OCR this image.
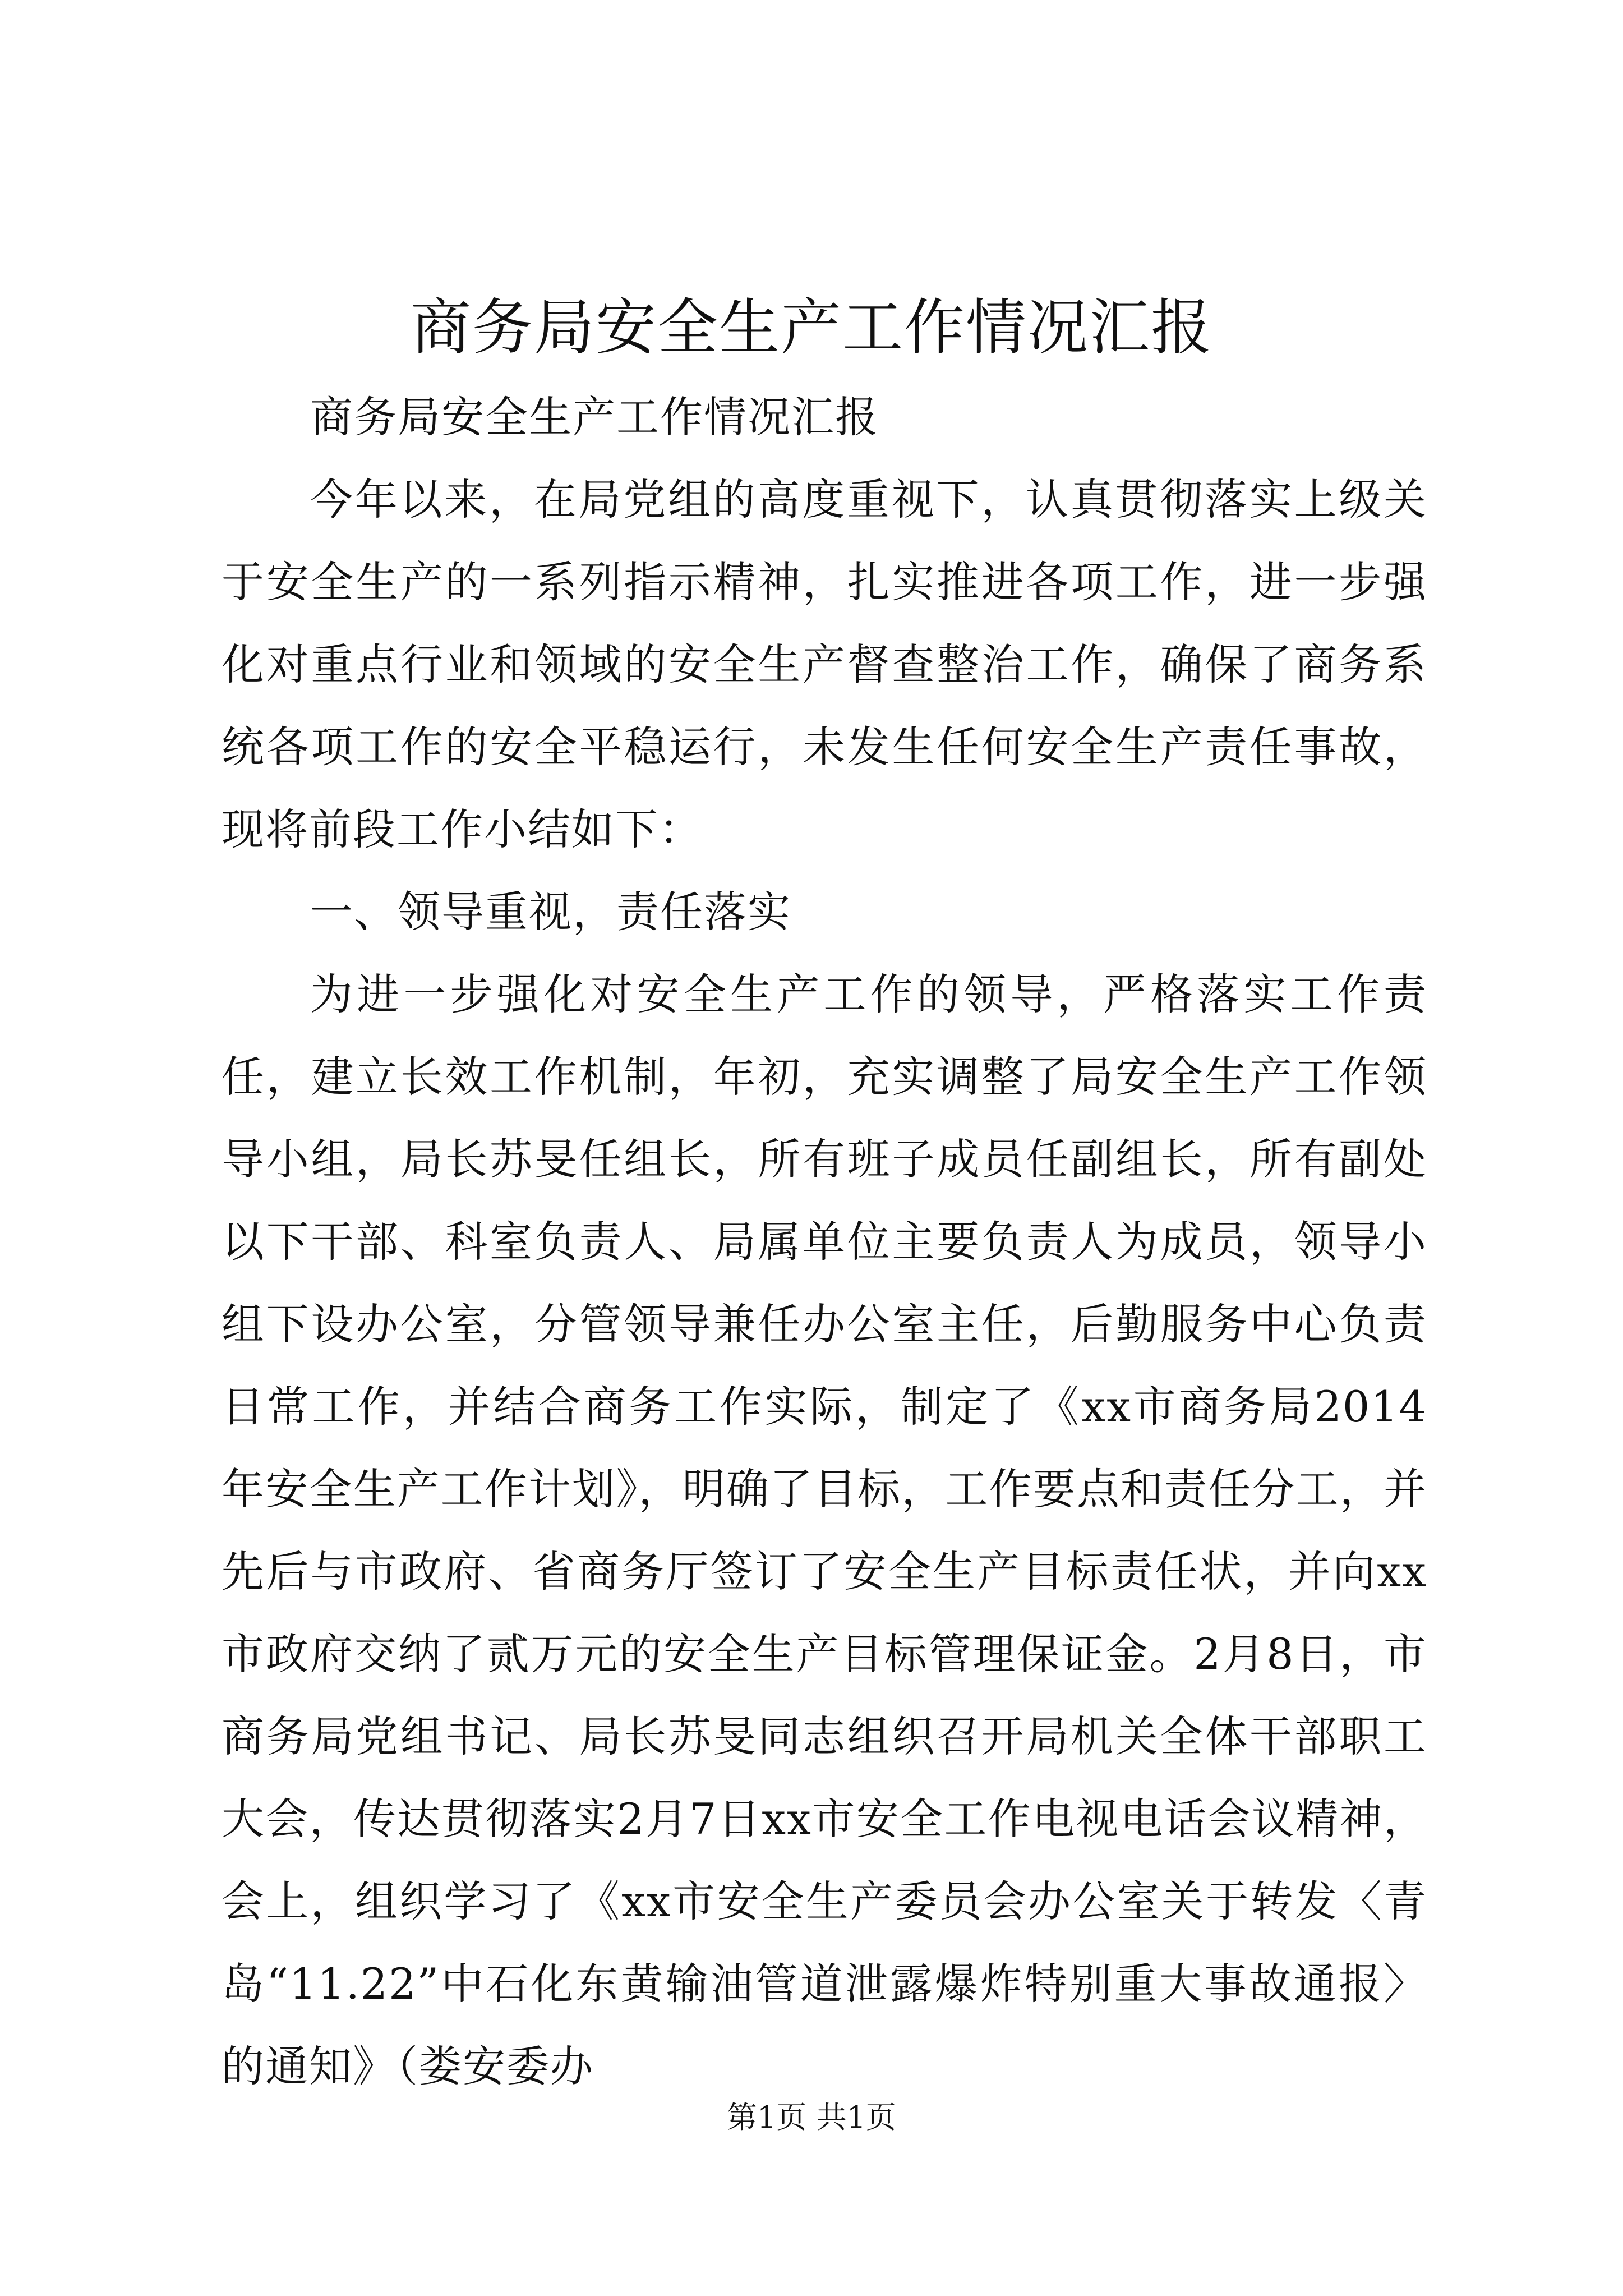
商务局安全生产工作情况汇报

商务局安全生产工作情况汇报

今年以来，在局党组的高度重视下，认真贯彻落实上级关于安全生产的一系列指示精神，扎实推进各项工作，进一步强化对重点行业和领域的安全生产督查整治工作，确保了商务系统各项工作的安全平稳运行，未发生任何安全生产责任事故，现将前段工作小结如下：

一、领导重视，责任落实

为进一步强化对安全生产工作的领导，严格落实工作责任，建立长效工作机制，年初，充实调整了局安全生产工作领导小组，局长苏旻任组长，所有班子成员任副组长，所有副处以下干部、科室负责人、局属单位主要负责人为成员，领导小组下设办公室，分管领导兼任办公室主任，后勤服务中心负责日常工作，并结合商务工作实际，制定了《xx市商务局2014年安全生产工作计划》，明确了目标，工作要点和责任分工，并先后与市政府、省商务厅签订了安全生产目标责任状，并向xx市政府交纳了贰万元的安全生产目标管理保证金。2月8日，市商务局党组书记、局长苏旻同志组织召开局机关全体干部职工大会，传达贯彻落实2月7日xx市安全工作电视电话会议精神，会上，组织学习了《xx市安全生产委员会办公室关于转发〈青岛“11.22”中石化东黄输油管道泄露爆炸特别重大事故通报〉的通知》（娄安委办

第1页 共1页
